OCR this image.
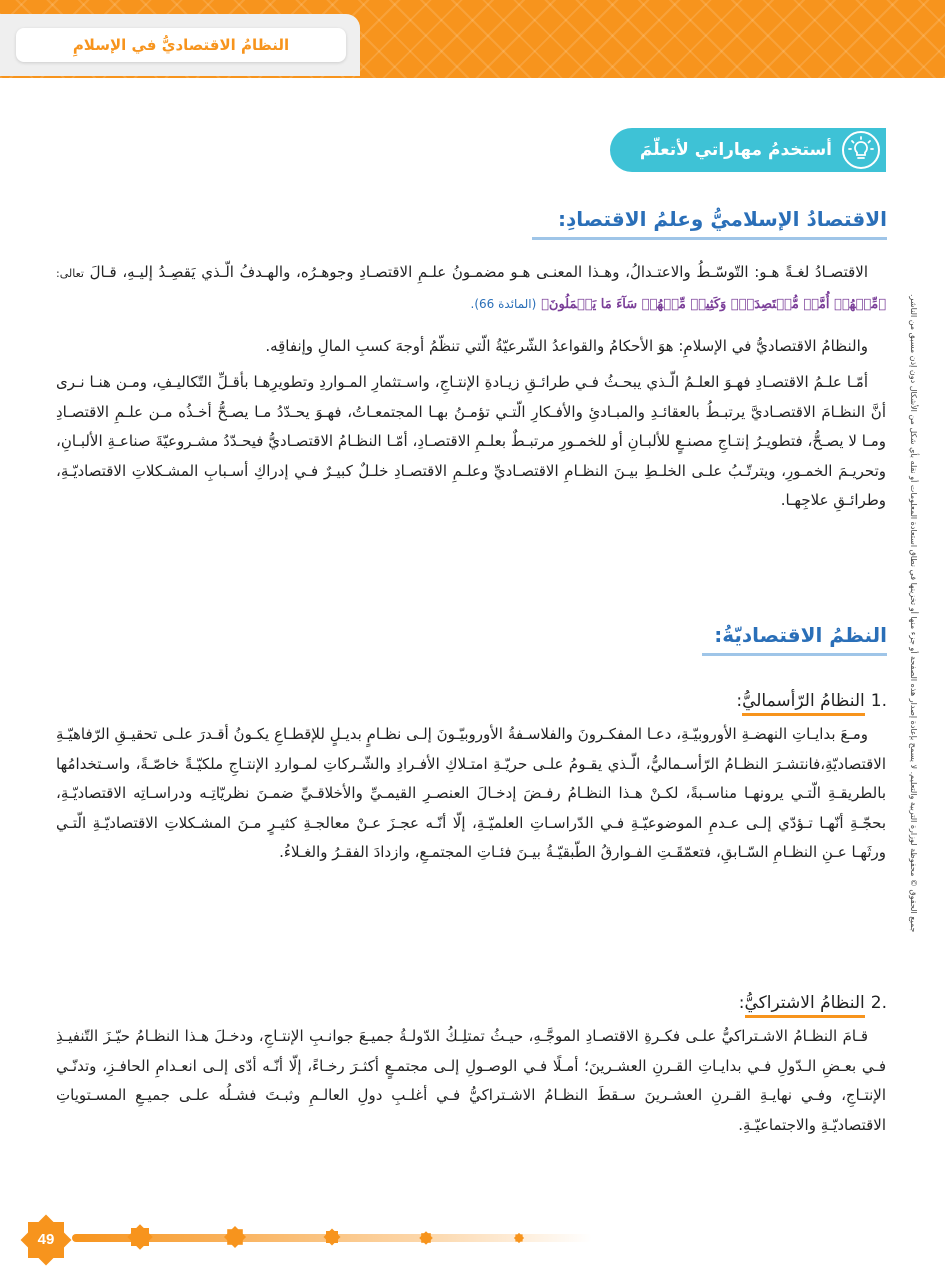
النظامُ الاقتصاديُّ في الإسلامِ
جميع الحقوق © محفوظة لوزارة التربية والتعليم. لا يسمح بإعادة إصدار هذه الصفحة أو جزء منها أو تخزينها في نطاق استعادة المعلومات أو نقله بأي شكل من الأشكال دون إذن مسبق من الناشر.
أستخدمُ مهاراتي لأتعلّمَ
الاقتصادُ الإسلاميُّ وعلمُ الاقتصادِ:
الاقتصـادُ لغـةً هـو: التّوسّـطُ والاعتـدالُ، وهـذا المعنـى هـو مضمـونُ علـمِ الاقتصـادِ وجوهـرُه، والهـدفُ الّـذي يَقصِـدُ إليـهِ، قـالَ تعالى: ﴿مِّنۡهُمۡ أُمَّةٞ مُّقۡتَصِدَةٞۖ وَكَثِيرٞ مِّنۡهُمۡ سَآءَ مَا يَعۡمَلُونَ﴾ (المائدة 66).
والنظامُ الاقتصاديُّ في الإسلامِ: هوَ الأحكامُ والقواعدُ الشّرعيّةُ الّتي تنظّمُ أوجهَ كسبِ المالِ وإنفاقِه.
أمّـا علـمُ الاقتصـادِ فهـوَ العلـمُ الّـذي يبحـثُ فـي طرائـقِ زيـادةِ الإنتـاجِ، واسـتثمارِ المـواردِ وتطويرِهـا بأقـلِّ التّكاليـفِ، ومـن هنـا نـرى أنَّ النظـامَ الاقتصـاديَّ يرتبـطُ بالعقائـدِ والمبـادئِ والأفـكارِ الّتـي تؤمـنُ بهـا المجتمعـاتُ، فهـوَ يحـدّدُ مـا يصـحُّ أخـذُه مـن علـمِ الاقتصـادِ ومـا لا يصـحُّ، فتطويـرُ إنتـاجِ مصنـعٍ للألبـانِ أو للخمـورِ مرتبـطٌ بعلـمِ الاقتصـادِ، أمّـا النظـامُ الاقتصـاديُّ فيحـدّدُ مشـروعيّةَ صناعـةِ الألبـانِ، وتحريـمَ الخمـورِ، ويترتّـبُ علـى الخلـطِ بيـنَ النظـامِ الاقتصـاديِّ وعلـمِ الاقتصـادِ خلـلٌ كبيـرٌ فـي إدراكِ أسـبابِ المشـكلاتِ الاقتصاديّـةِ، وطرائـقِ علاجِهـا.
النظمُ الاقتصاديّةُ:
.1النظامُ الرّأسماليُّ:
ومـعَ بدايـاتِ النهضـةِ الأوروبيّـةِ، دعـا المفكـرونَ والفلاسـفةُ الأوروبيّـونَ إلـى نظـامٍ بديـلٍ للإقطـاعِ يكـونُ أقـدرَ علـى تحقيـقِ الرّفاهيّـةِ الاقتصاديّةِ،فانتشـرَ النظـامُ الرّأسـماليُّ، الّـذي يقـومُ علـى حريّـةِ امتـلاكِ الأفـرادِ والشّـركاتِ لمـواردِ الإنتـاجِ ملكيّـةً خاصّـةً، واسـتخدامُها بالطريقـةِ الّتـي يرونهـا مناسـبةً، لكـنْ هـذا النظـامُ رفـضَ إدخـالَ العنصـرِ القيمـيِّ والأخلاقـيِّ ضمـنَ نظريّاتِـه ودراسـاتِه الاقتصاديّـةِ، بحجّـةِ أنّهـا تـؤدّي إلـى عـدمِ الموضوعيّـةِ فـي الدّراسـاتِ العلميّـةِ، إلّا أنّـه عجـزَ عـنْ معالجـةِ كثيـرٍ مـنَ المشـكلاتِ الاقتصاديّـةِ الّتـي ورثَهـا عـنِ النظـامِ السّـابقِ، فتعمّقَـتِ الفـوارقُ الطّبقيّـةُ بيـنَ فئـاتِ المجتمـعِ، وازدادَ الفقـرُ والغـلاءُ.
.2النظامُ الاشتراكيُّ:
قـامَ النظـامُ الاشـتراكيُّ علـى فكـرةِ الاقتصـادِ الموجَّـهِ، حيـثُ تمتلِـكُ الدّولـةُ جميـعَ جوانـبِ الإنتـاجِ، ودخـلَ هـذا النظـامُ حيّـزَ التّنفيـذِ فـي بعـضِ الـدّولِ فـي بدايـاتِ القـرنِ العشـرينَ؛ أمـلًا فـي الوصـولِ إلـى مجتمـعٍ أكثـرَ رخـاءً، إلّا أنّـه أدّى إلـى انعـدامِ الحافـزِ، وتدنّـي الإنتـاجِ، وفـي نهايـةِ القـرنِ العشـرينَ سـقطَ النظـامُ الاشـتراكيُّ فـي أغلـبِ دولِ العالـمِ وثبـتَ فشـلُه علـى جميـعِ المسـتوياتِ الاقتصاديّـةِ والاجتماعيّـةِ.
49
